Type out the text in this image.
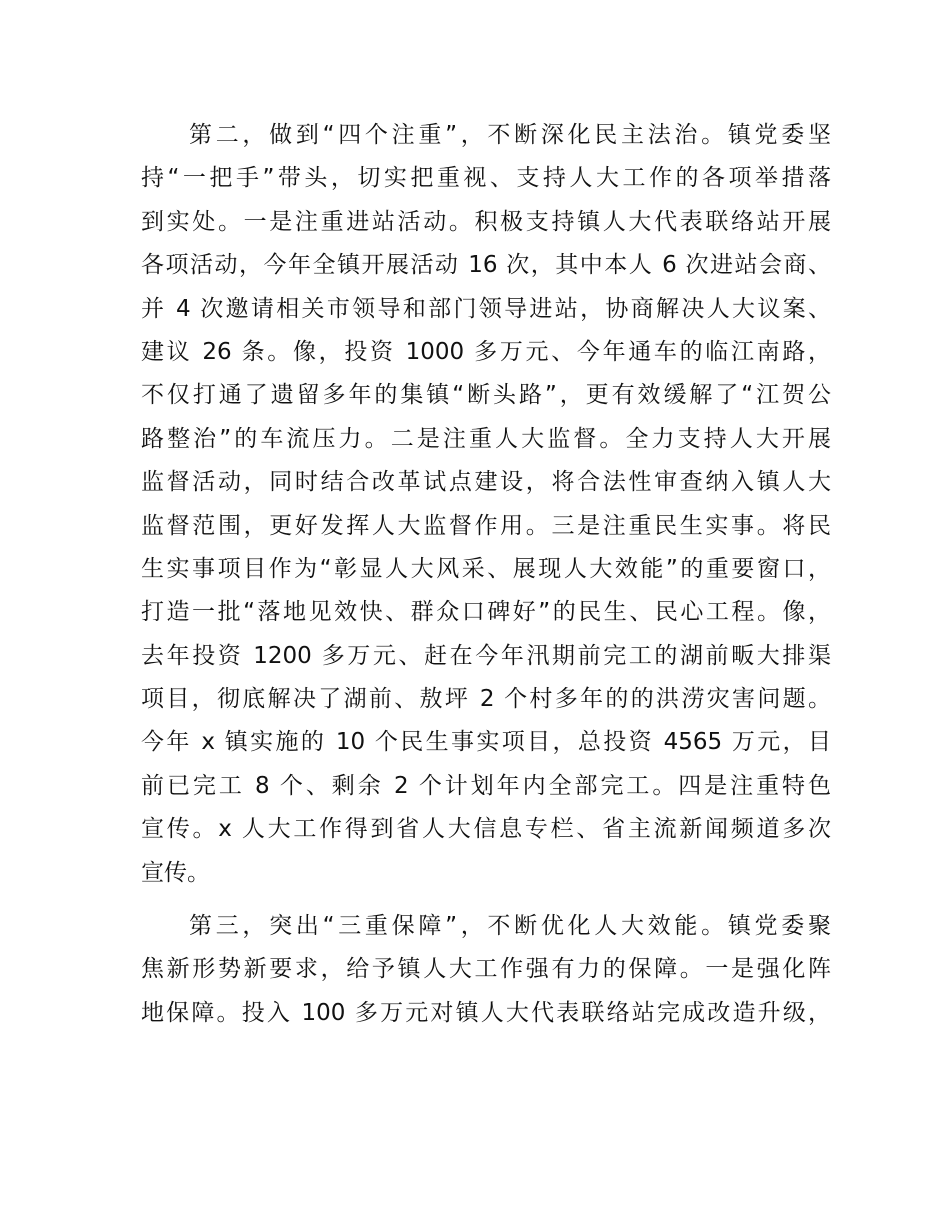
第二，做到“四个注重”，不断深化民主法治。镇党委坚
持“一把手”带头，切实把重视、支持人大工作的各项举措落
到实处。一是注重进站活动。积极支持镇人大代表联络站开展
各项活动，今年全镇开展活动 16 次，其中本人 6 次进站会商、
并 4 次邀请相关市领导和部门领导进站，协商解决人大议案、
建议 26 条。像，投资 1000 多万元、今年通车的临江南路，
不仅打通了遗留多年的集镇“断头路”，更有效缓解了“江贺公
路整治”的车流压力。二是注重人大监督。全力支持人大开展
监督活动，同时结合改革试点建设，将合法性审查纳入镇人大
监督范围，更好发挥人大监督作用。三是注重民生实事。将民
生实事项目作为“彰显人大风采、展现人大效能”的重要窗口，
打造一批“落地见效快、群众口碑好”的民生、民心工程。像，
去年投资 1200 多万元、赶在今年汛期前完工的湖前畈大排渠
项目，彻底解决了湖前、敖坪 2 个村多年的的洪涝灾害问题。
今年 x 镇实施的 10 个民生事实项目，总投资 4565 万元，目
前已完工 8 个、剩余 2 个计划年内全部完工。四是注重特色
宣传。x 人大工作得到省人大信息专栏、省主流新闻频道多次
宣传。
第三，突出“三重保障”，不断优化人大效能。镇党委聚
焦新形势新要求，给予镇人大工作强有力的保障。一是强化阵
地保障。投入 100 多万元对镇人大代表联络站完成改造升级，
